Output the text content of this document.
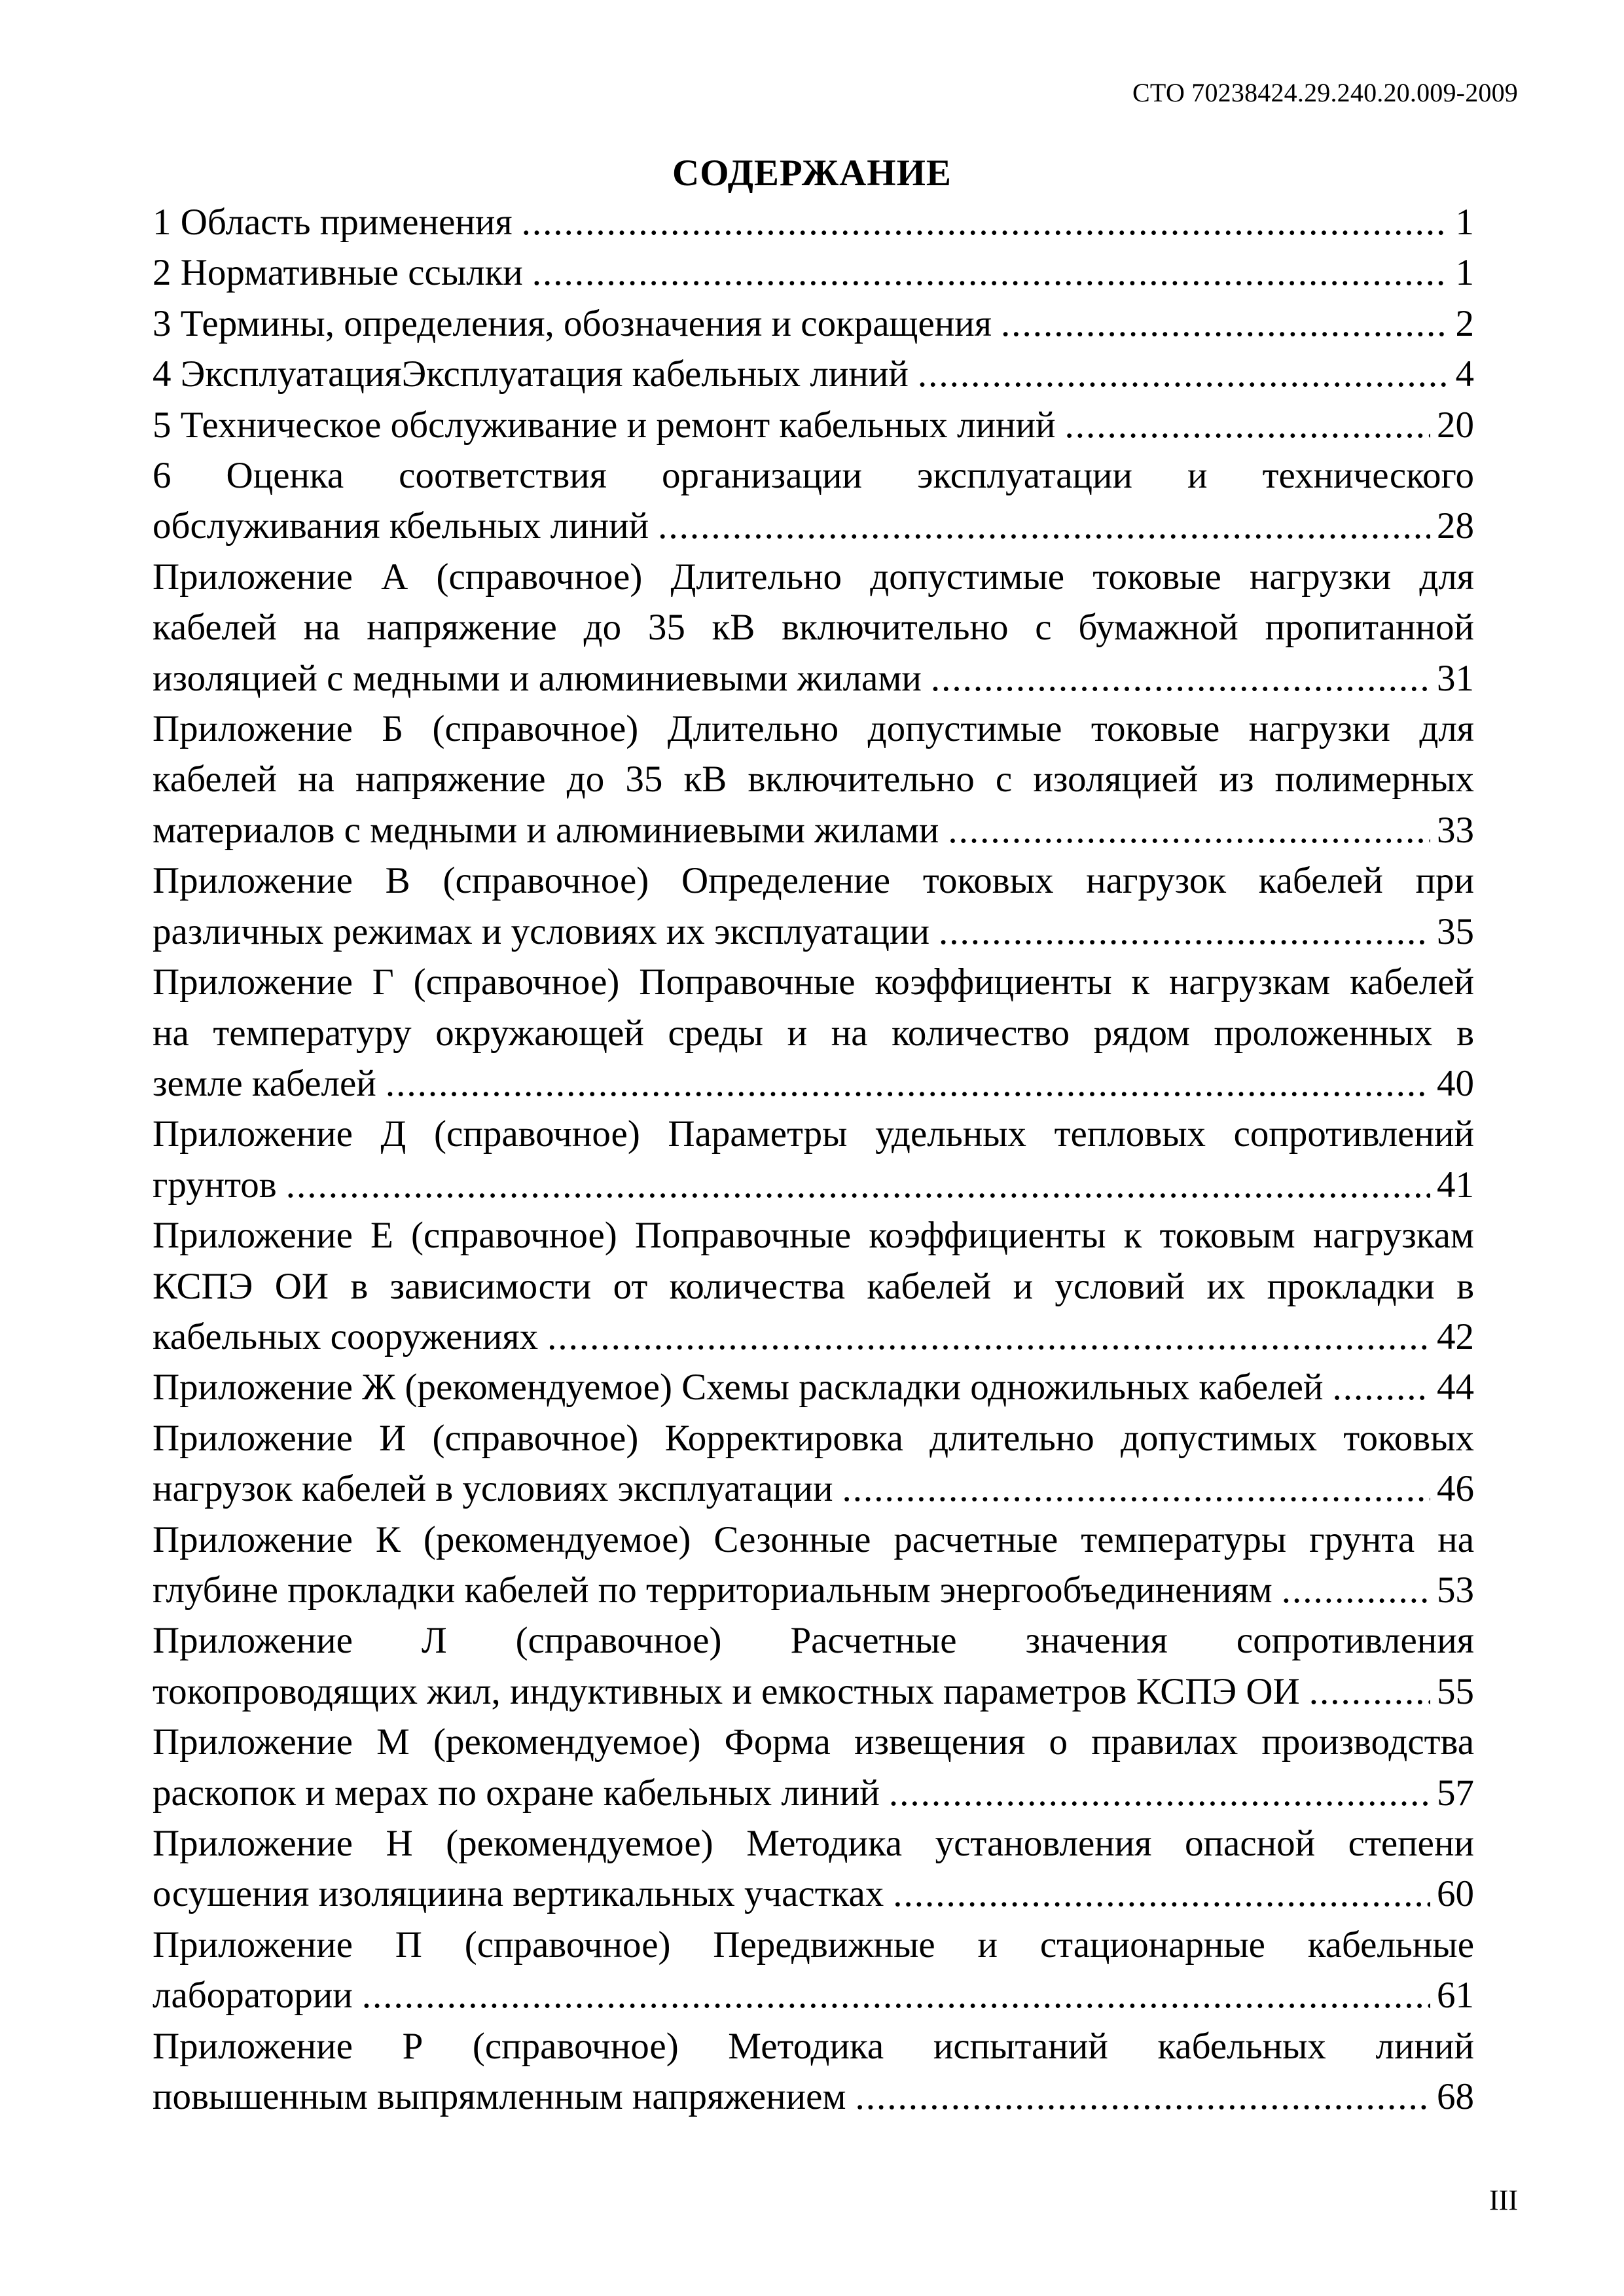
СТО 70238424.29.240.20.009-2009
СОДЕРЖАНИЕ
1 Область применения .....	1
2 Нормативные ссылки .....	1
3 Термины, определения, обозначения и сокращения .....	2
4 ЭксплуатацияЭксплуатация кабельных линий .....	4
5 Техническое обслуживание и ремонт кабельных линий .....	20
6 Оценка соответствия организации эксплуатации и технического
обслуживания кбельных линий .....	28
Приложение А (справочное) Длительно допустимые токовые нагрузки для
кабелей на напряжение до 35 кВ включительно с бумажной пропитанной
изоляцией с медными и алюминиевыми жилами .....	31
Приложение Б (справочное) Длительно допустимые токовые нагрузки для
кабелей на напряжение до 35 кВ включительно с изоляцией из полимерных
материалов с медными и алюминиевыми жилами .....	33
Приложение В (справочное) Определение токовых нагрузок кабелей при
различных режимах и условиях их эксплуатации .....	35
Приложение Г (справочное) Поправочные коэффициенты к нагрузкам кабелей
на температуру окружающей среды и на количество рядом проложенных в
земле кабелей .....	40
Приложение Д (справочное) Параметры удельных тепловых сопротивлений
грунтов .....	41
Приложение Е (справочное) Поправочные коэффициенты к токовым нагрузкам
КСПЭ ОИ в зависимости от количества кабелей и условий их прокладки в
кабельных сооружениях .....	42
Приложение Ж (рекомендуемое) Схемы раскладки одножильных кабелей .....	44
Приложение И (справочное) Корректировка длительно допустимых токовых
нагрузок кабелей в условиях эксплуатации .....	46
Приложение К (рекомендуемое) Сезонные расчетные температуры грунта на
глубине прокладки кабелей по территориальным энергообъединениям .....	53
Приложение Л (справочное) Расчетные значения сопротивления
токопроводящих жил, индуктивных и емкостных параметров КСПЭ ОИ .....	55
Приложение М (рекомендуемое) Форма извещения о правилах производства
раскопок и мерах по охране кабельных линий .....	57
Приложение Н (рекомендуемое) Методика установления опасной степени
осушения изоляциина вертикальных участках .....	60
Приложение П (справочное) Передвижные и стационарные кабельные
лаборатории .....	61
Приложение Р (справочное) Методика испытаний кабельных линий
повышенным выпрямленным напряжением .....	68
III
